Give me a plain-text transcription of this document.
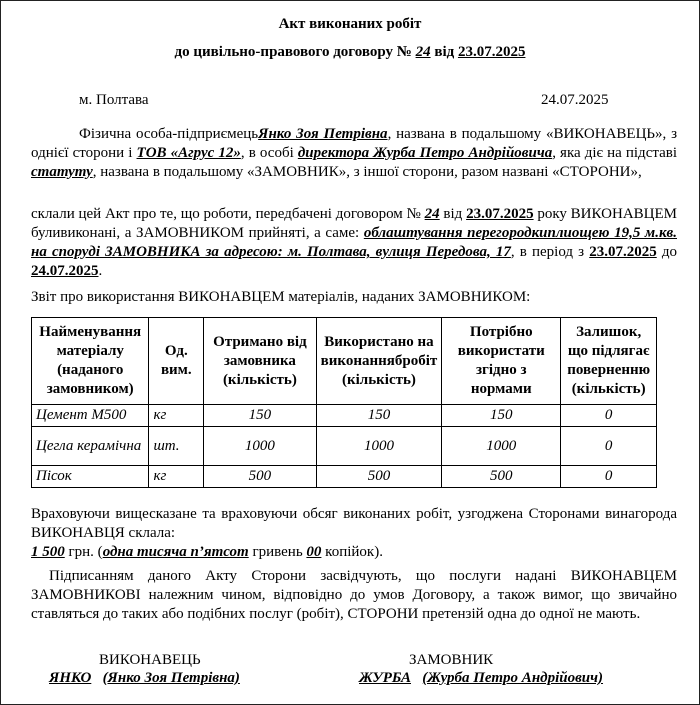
Акт виконаних робіт
до цивільно-правового договору № 24 від 23.07.2025
м. Полтава	24.07.2025
Фізична особа-підприємецьЯнко Зоя Петрівна, названа в подальшому «ВИКОНАВЕЦЬ», з однієї сторони і ТОВ «Агрус 12», в особі директора Журба Петро Андрійовича, яка діє на підставі статуту, названа в подальшому «ЗАМОВНИК», з іншої сторони, разом названі «СТОРОНИ»,
склали цей Акт про те, що роботи, передбачені договором № 24 від 23.07.2025 року ВИКОНАВЦЕМ буливиконані, а ЗАМОВНИКОМ прийняті, а саме: облаштування перегородкиплиощею 19,5 м.кв. на споруді ЗАМОВНИКА за адресою: м. Полтава, вулиця Передова, 17, в період з 23.07.2025 до 24.07.2025.
Звіт про використання ВИКОНАВЦЕМ матеріалів, наданих ЗАМОВНИКОМ:
Найменування матеріалу (наданого замовником)	Од. вим.	Отримано від замовника (кількість)	Використано на виконаннябробіт (кількість)	Потрібно використати згідно з нормами	Залишок, що підлягає поверненню (кількість)
Цемент М500	кг	150	150	150	0
Цегла керамічна	шт.	1000	1000	1000	0
Пісок	кг	500	500	500	0
Враховуючи вищесказане та враховуючи обсяг виконаних робіт, узгоджена Сторонами винагорода ВИКОНАВЦЯ склала:
1 500 грн. (одна тисяча п’ятсот гривень 00 копійок).
Підписанням даного Акту Сторони засвідчують, що послуги надані ВИКОНАВЦЕМ ЗАМОВНИКОВІ належним чином, відповідно до умов Договору, а також вимог, що звичайно ставляться до таких або подібних послуг (робіт), СТОРОНИ претензій одна до одної не мають.
ВИКОНАВЕЦЬ
ЯНКО (Янко Зоя Петрівна)
ЗАМОВНИК
ЖУРБА (Журба Петро Андрійович)
